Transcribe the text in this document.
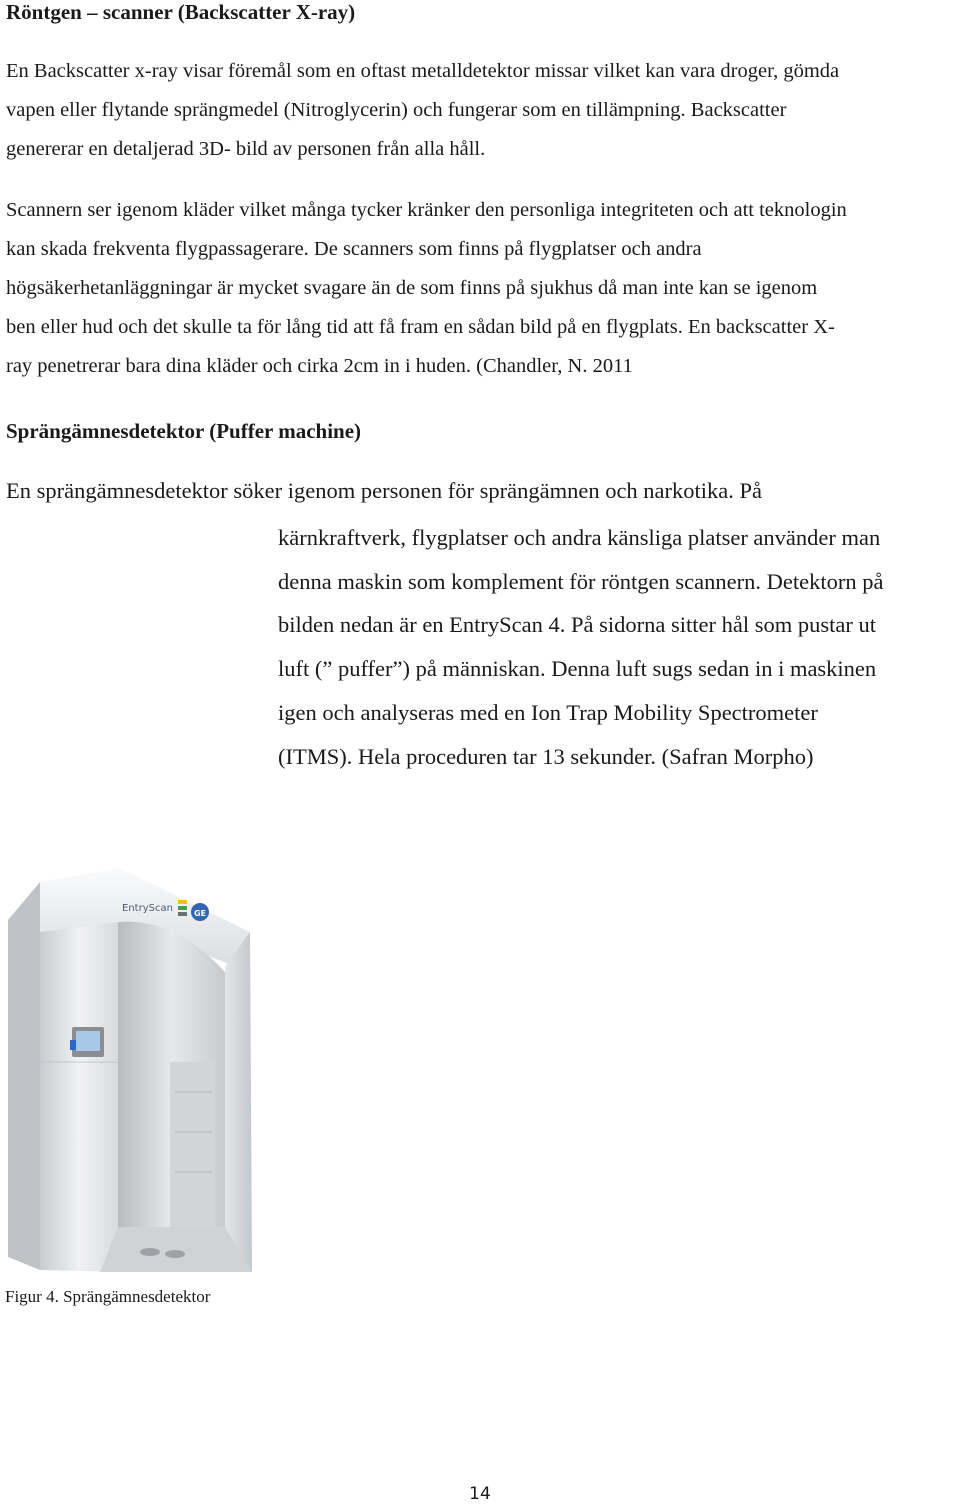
Röntgen – scanner (Backscatter X-ray)

En Backscatter x-ray visar föremål som en oftast metalldetektor missar vilket kan vara droger, gömda
vapen eller flytande sprängmedel (Nitroglycerin) och fungerar som en tillämpning. Backscatter
genererar en detaljerad 3D- bild av personen från alla håll.

Scannern ser igenom kläder vilket många tycker kränker den personliga integriteten och att teknologin
kan skada frekventa flygpassagerare. De scanners som finns på flygplatser och andra
högsäkerhetanläggningar är mycket svagare än de som finns på sjukhus då man inte kan se igenom
ben eller hud och det skulle ta för lång tid att få fram en sådan bild på en flygplats. En backscatter X-
ray penetrerar bara dina kläder och cirka 2cm in i huden. (Chandler, N. 2011

Sprängämnesdetektor (Puffer machine)

En sprängämnesdetektor söker igenom personen för sprängämnen och narkotika. På

kärnkraftverk, flygplatser och andra känsliga platser använder man
denna maskin som komplement för röntgen scannern. Detektorn på
bilden nedan är en EntryScan 4. På sidorna sitter hål som pustar ut
luft (” puffer”) på människan. Denna luft sugs sedan in i maskinen
igen och analyseras med en Ion Trap Mobility Spectrometer
(ITMS). Hela proceduren tar 13 sekunder. (Safran Morpho)

EntryScan	GE

Figur 4. Sprängämnesdetektor

14
